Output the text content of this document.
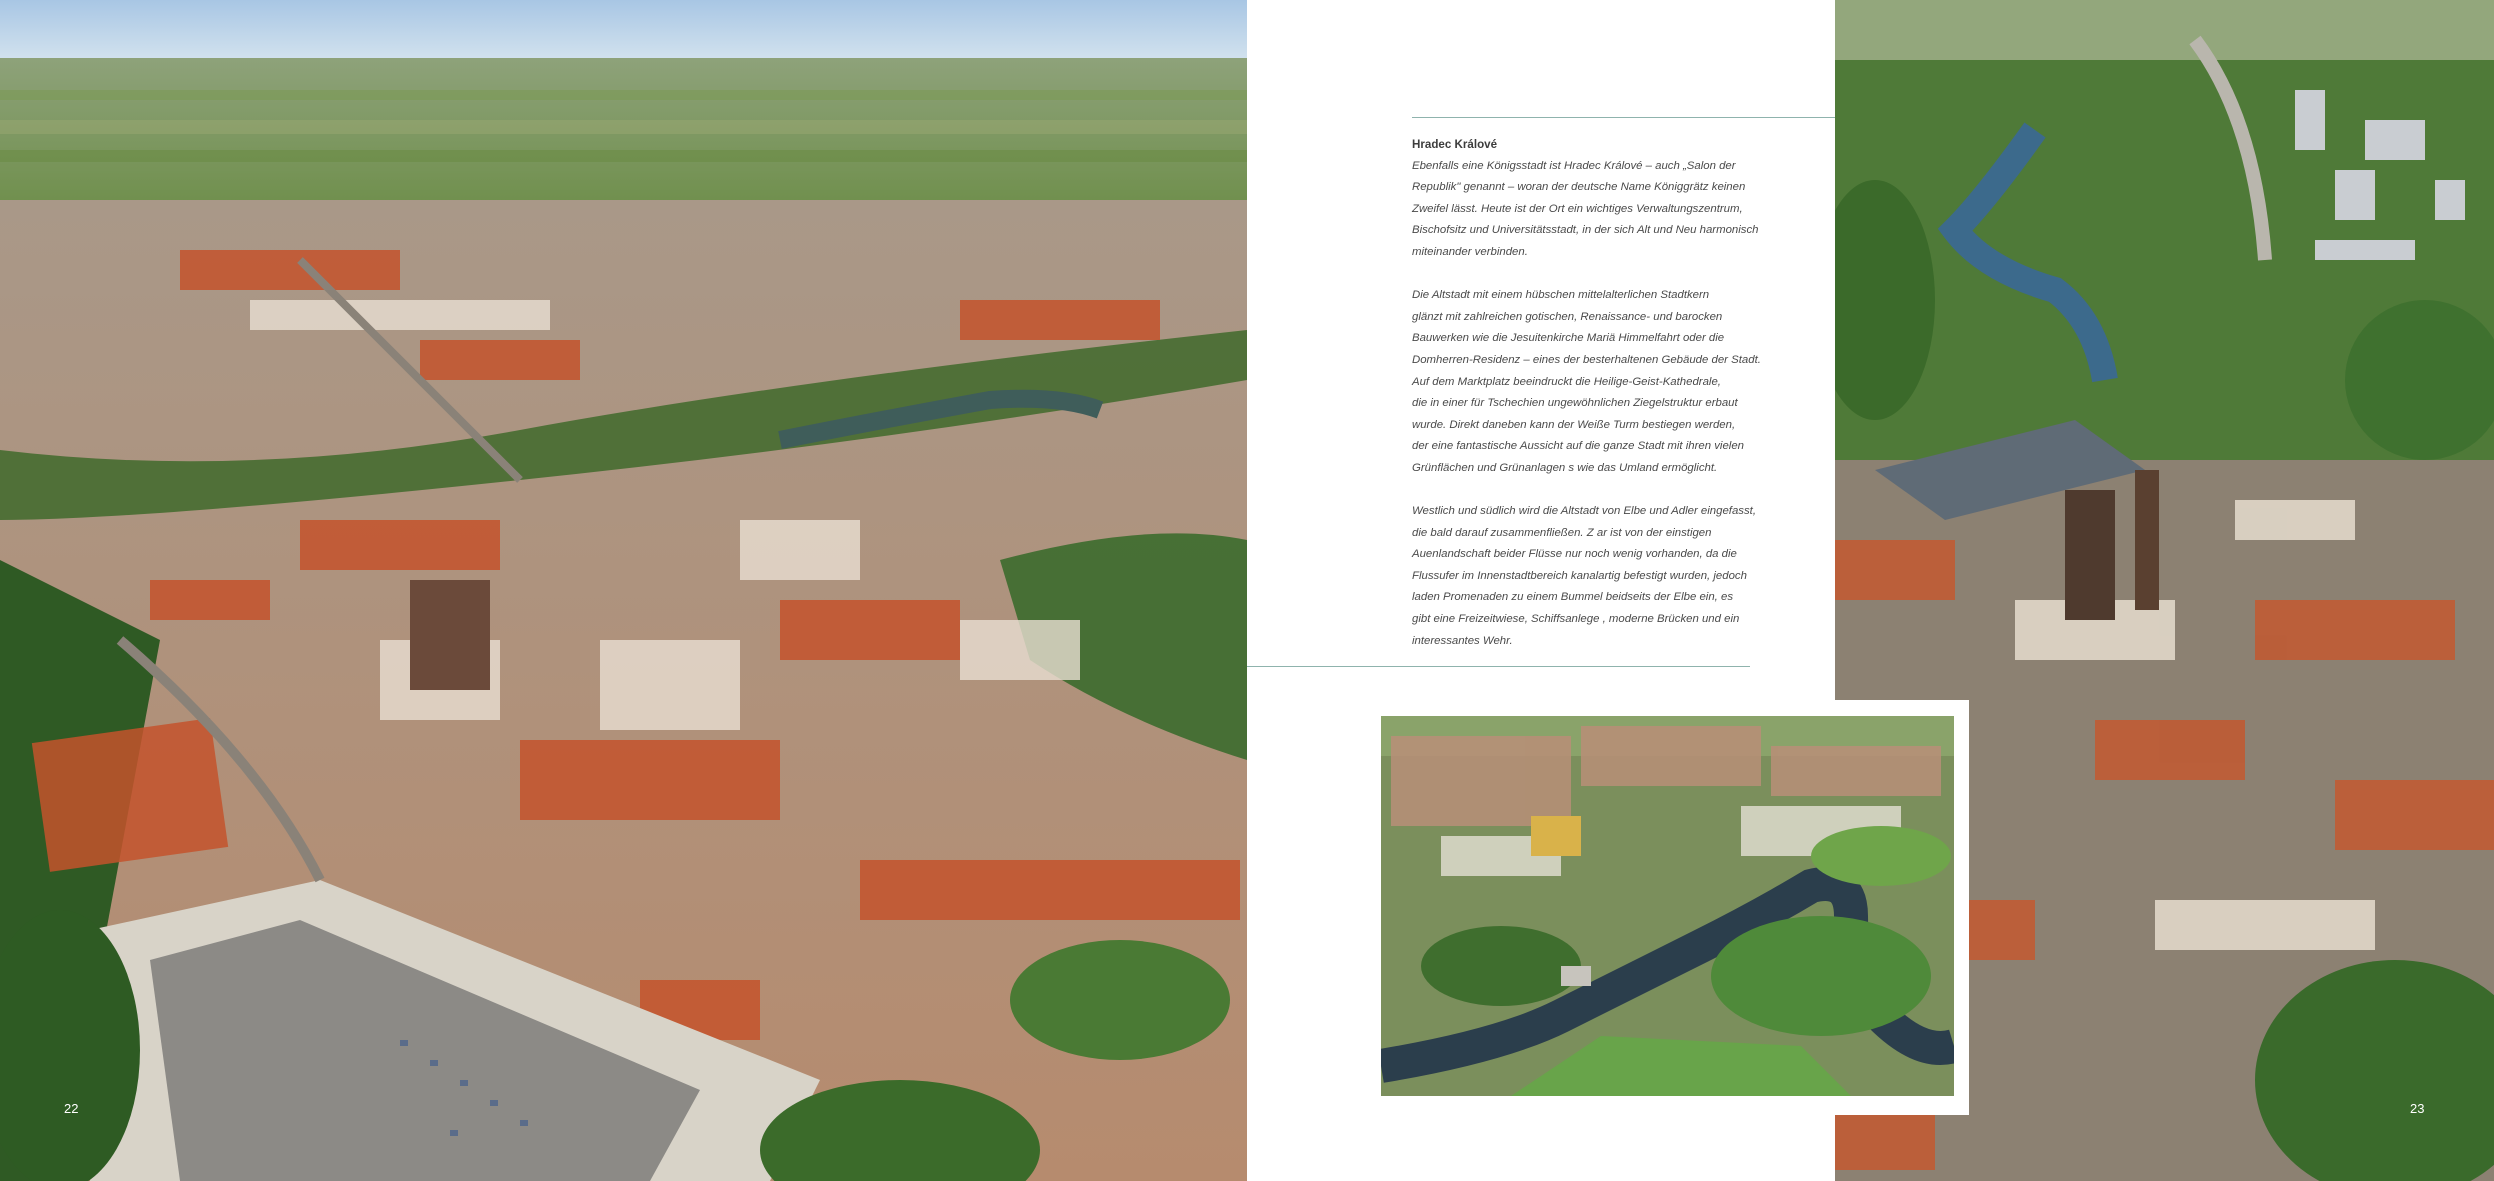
Hradec Králové
Ebenfalls eine Königsstadt ist Hradec Králové – auch „Salon der
Republik" genannt – woran der deutsche Name Königgrätz keinen
Zweifel lässt. Heute ist der Ort ein wichtiges Verwaltungszentrum,
Bischofsitz und Universitätsstadt, in der sich Alt und Neu harmonisch
miteinander verbinden.
Die Altstadt mit einem hübschen mittelalterlichen Stadtkern
glänzt mit zahlreichen gotischen, Renaissance- und barocken
Bauwerken wie die Jesuitenkirche Mariä Himmelfahrt oder die
Domherren-Residenz – eines der besterhaltenen Gebäude der Stadt.
Auf dem Marktplatz beeindruckt die Heilige-Geist-Kathedrale,
die in einer für Tschechien ungewöhnlichen Ziegelstruktur erbaut
wurde. Direkt daneben kann der Weiße Turm bestiegen werden,
der eine fantastische Aussicht auf die ganze Stadt mit ihren vielen
Grünflächen und Grünanlagen s wie das Umland ermöglicht.
Westlich und südlich wird die Altstadt von Elbe und Adler eingefasst,
die bald darauf zusammenfließen. Z ar ist von der einstigen
Auenlandschaft beider Flüsse nur noch wenig vorhanden, da die
Flussufer im Innenstadtbereich kanalartig befestigt wurden, jedoch
laden Promenaden zu einem Bummel beidseits der Elbe ein, es
gibt eine Freizeitwiese, Schiffsanlege , moderne Brücken und ein
interessantes Wehr.
22	23
